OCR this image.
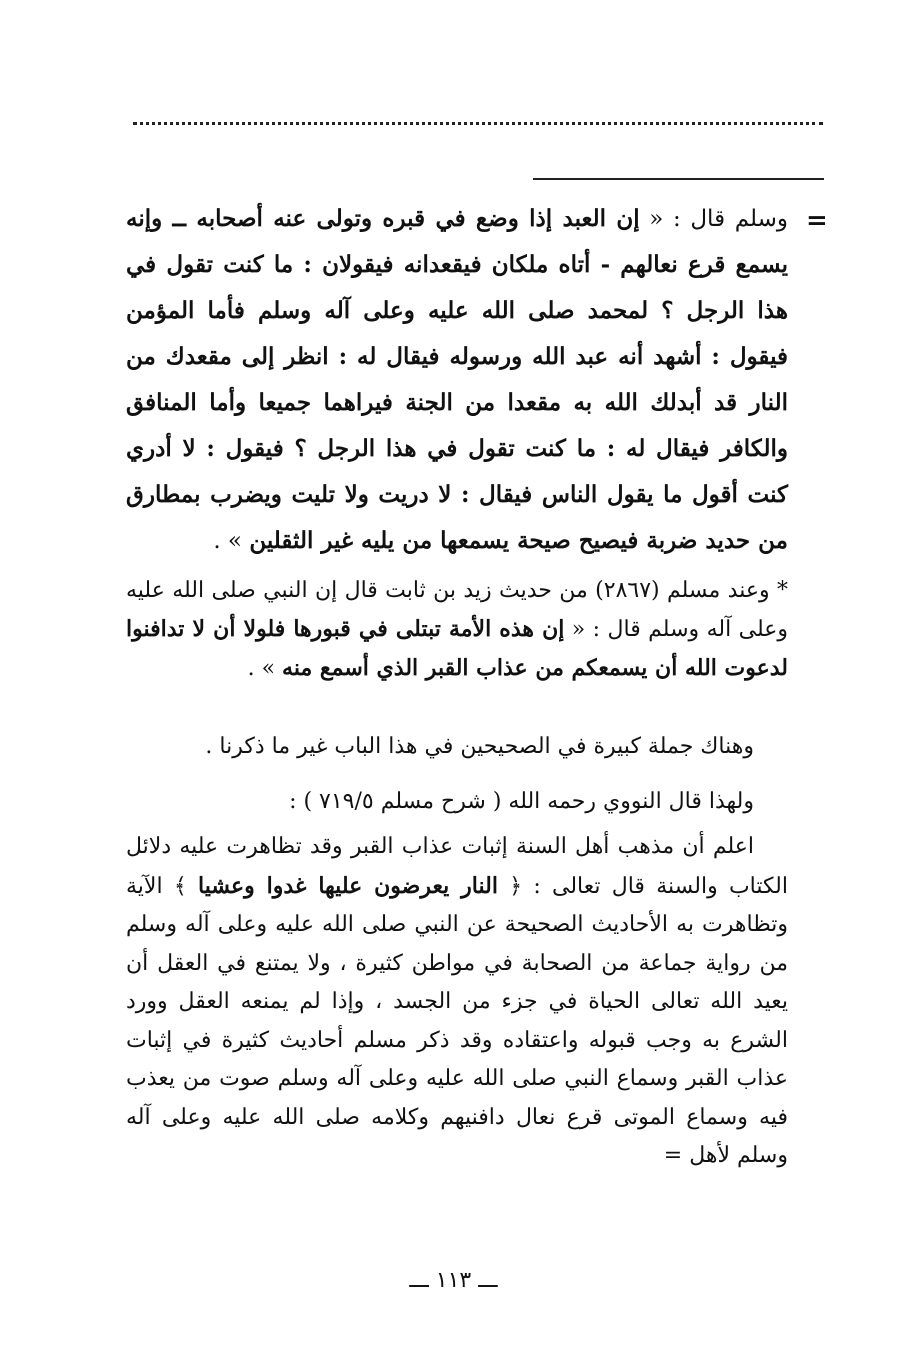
=
وسلم قال : « إن العبد إذا وضع في قبره وتولى عنه أصحابه ــ وإنه يسمع قرع نعالهم - أتاه ملكان فيقعدانه فيقولان : ما كنت تقول في هذا الرجل ؟ لمحمد صلى الله عليه وعلى آله وسلم فأما المؤمن فيقول : أشهد أنه عبد الله ورسوله فيقال له : انظر إلى مقعدك من النار قد أبدلك الله به مقعدا من الجنة فيراهما جميعا وأما المنافق والكافر فيقال له : ما كنت تقول في هذا الرجل ؟ فيقول : لا أدري كنت أقول ما يقول الناس فيقال : لا دريت ولا تليت ويضرب بمطارق من حديد ضربة فيصيح صيحة يسمعها من يليه غير الثقلين » .
* وعند مسلم (٢٨٦٧) من حديث زيد بن ثابت قال إن النبي صلى الله عليه وعلى آله وسلم قال : « إن هذه الأمة تبتلى في قبورها فلولا أن لا تدافنوا لدعوت الله أن يسمعكم من عذاب القبر الذي أسمع منه » .
وهناك جملة كبيرة في الصحيحين في هذا الباب غير ما ذكرنا .
ولهذا قال النووي رحمه الله ( شرح مسلم ٧١٩/٥ ) :
اعلم أن مذهب أهل السنة إثبات عذاب القبر وقد تظاهرت عليه دلائل الكتاب والسنة قال تعالى : ﴿ النار يعرضون عليها غدوا وعشيا ﴾ الآية وتظاهرت به الأحاديث الصحيحة عن النبي صلى الله عليه وعلى آله وسلم من رواية جماعة من الصحابة في مواطن كثيرة ، ولا يمتنع في العقل أن يعيد الله تعالى الحياة في جزء من الجسد ، وإذا لم يمنعه العقل وورد الشرع به وجب قبوله واعتقاده وقد ذكر مسلم أحاديث كثيرة في إثبات عذاب القبر وسماع النبي صلى الله عليه وعلى آله وسلم صوت من يعذب فيه وسماع الموتى قرع نعال دافنيهم وكلامه صلى الله عليه وعلى آله وسلم لأهل =
ـــ ١١٣ ـــ
